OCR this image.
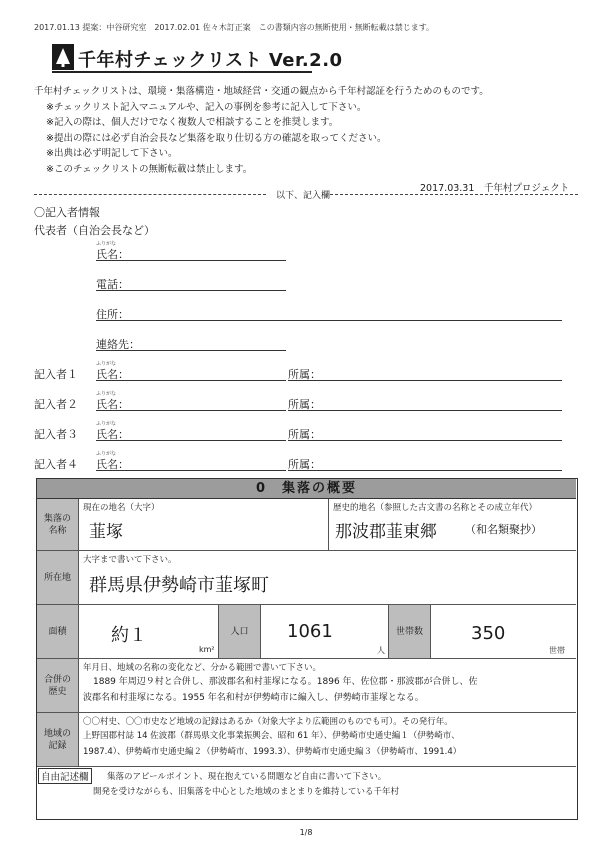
2017.01.13 提案：中谷研究室　2017.02.01 佐々木訂正案　この書類内容の無断使用・無断転載は禁じます。
千年村チェックリスト Ver.2.0
千年村チェックリストは、環境・集落構造・地域経営・交通の観点から千年村認証を行うためのものです。
※チェックリスト記入マニュアルや、記入の事例を参考に記入して下さい。
※記入の際は、個人だけでなく複数人で相談することを推奨します。
※提出の際には必ず自治会長など集落を取り仕切る方の確認を取ってください。
※出典は必ず明記して下さい。
※このチェックリストの無断転載は禁止します。
2017.03.31　千年村プロジェクト
以下、記入欄
〇記入者情報
代表者（自治会長など）
ふりがな
氏名：
電話：
住所：
連絡先：
記入者１
ふりがな
氏名：	所属：
記入者２
ふりがな
氏名：	所属：
記入者３
ふりがな
氏名：	所属：
記入者４
ふりがな
氏名：	所属：
0　集落の概要
集落の名称
現在の地名（大字）
韮塚
歴史的地名（参照した古文書の名称とその成立年代）
那波郡韮東郷	（和名類聚抄）
所在地
大字まで書いて下さい。
群馬県伊勢崎市韮塚町
面積 約１
km²
人口 1061
人
世帯数	350
世帯
合併の歴史
年月日、地域の名称の変化など、分かる範囲で書いて下さい。
1889 年周辺９村と合併し、那波郡名和村韮塚になる。1896 年、佐位郡・那波郡が合併し、佐
波郡名和村韮塚になる。1955 年名和村が伊勢崎市に編入し、伊勢崎市韮塚となる。
地域の記録
〇〇村史、〇〇市史など地域の記録はあるか（対象大字より広範囲のものでも可）。その発行年。
上野国郡村誌 14 佐波郡（群馬県文化事業振興会、昭和 61 年）、伊勢崎市史通史編１（伊勢崎市、
1987.4）、伊勢崎市史通史編２（伊勢崎市、1993.3）、伊勢崎市史通史編３（伊勢崎市、1991.4）
自由記述欄	集落のアピールポイント、現在抱えている問題など自由に書いて下さい。
開発を受けながらも、旧集落を中心とした地域のまとまりを維持している千年村
1/8
